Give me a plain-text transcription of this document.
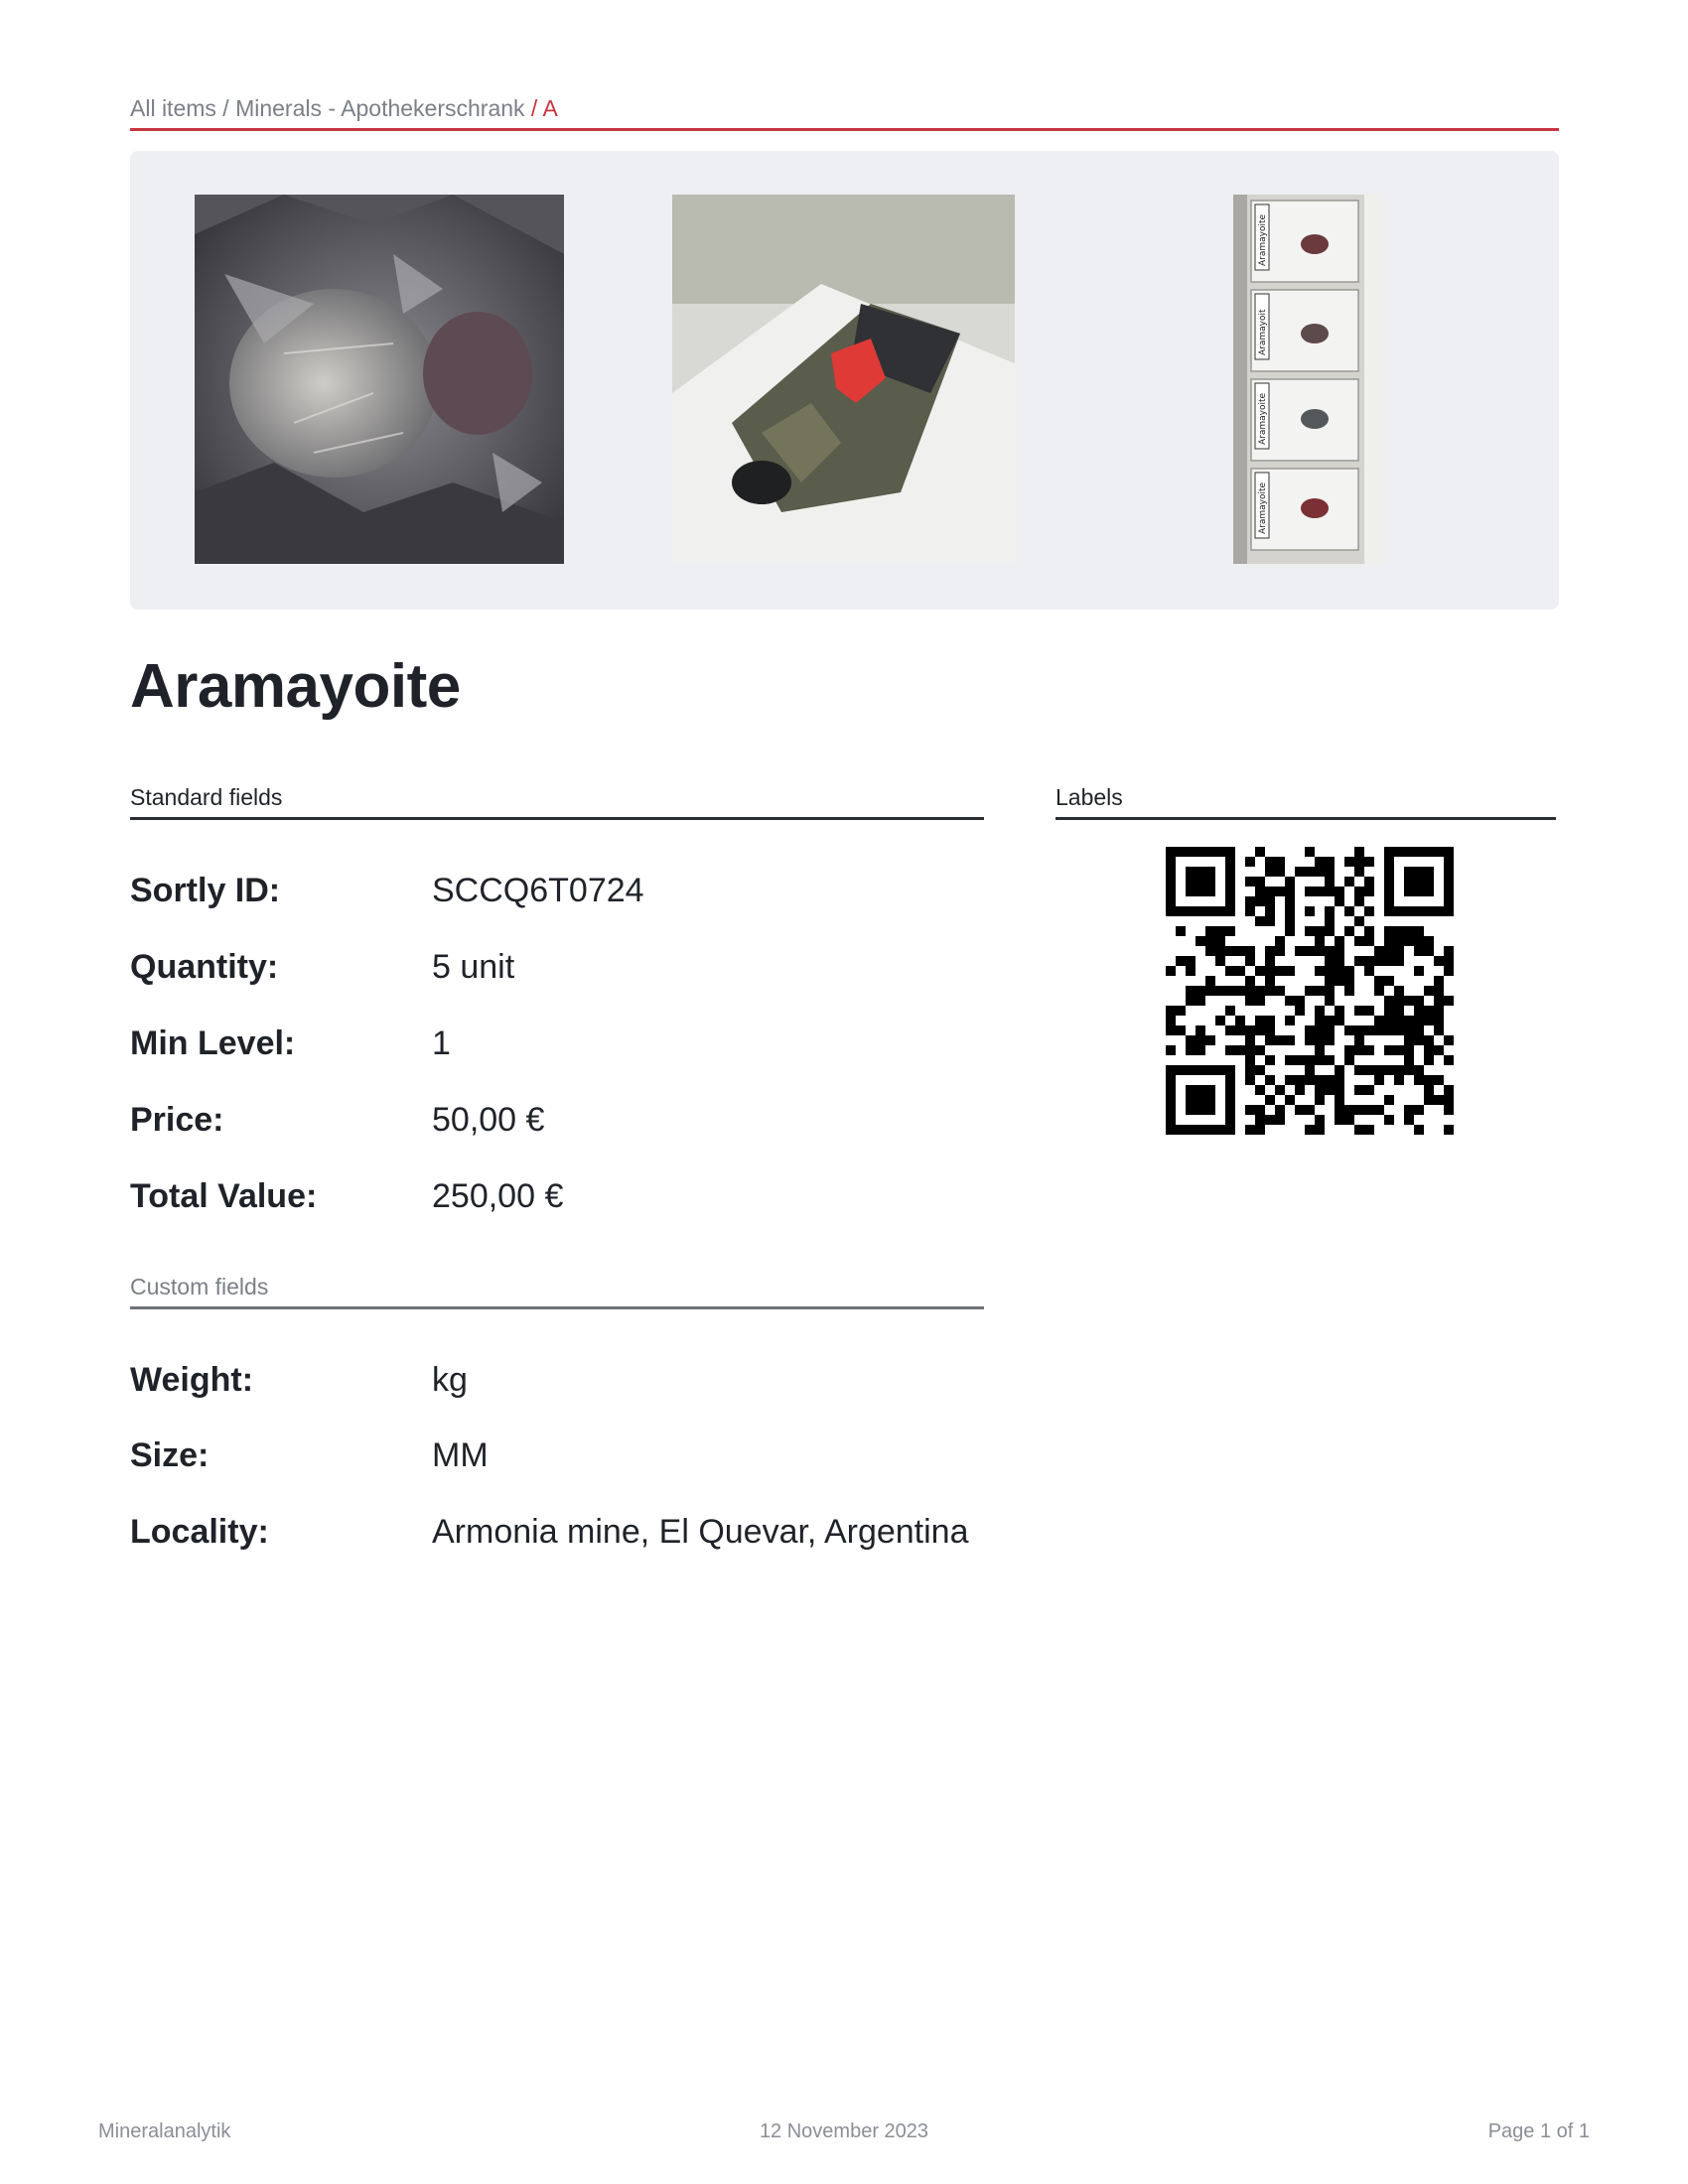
All items / Minerals - Apothekerschrank / A
Aramayoite
Aramayoit
Aramayoite
Aramayoite
Aramayoite
Standard fields
Sortly ID:	SCCQ6T0724
Quantity:	5 unit
Min Level:	1
Price:	50,00 €
Total Value:	250,00 €
Custom fields
Weight:	kg
Size:	MM
Locality:	Armonia mine, El Quevar, Argentina
Labels
Mineralanalytik	12 November 2023	Page 1 of 1
